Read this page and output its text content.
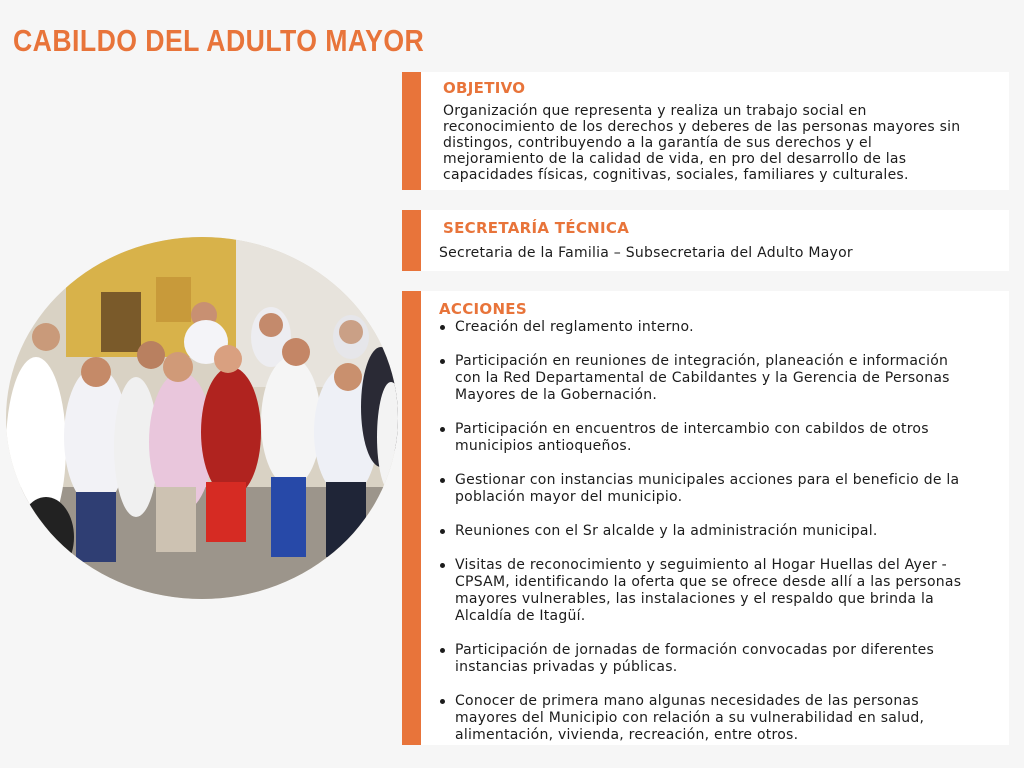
CABILDO DEL ADULTO MAYOR
OBJETIVO
Organización que representa y realiza un trabajo social en
reconocimiento de los derechos y deberes de las personas mayores sin
distingos, contribuyendo a la garantía de sus derechos y el
mejoramiento de la calidad de vida, en pro del desarrollo de las
capacidades físicas, cognitivas, sociales, familiares y culturales.
SECRETARÍA TÉCNICA
Secretaria de la Familia – Subsecretaria del Adulto Mayor
ACCIONES
Creación del reglamento interno.
Participación en reuniones de integración, planeación e información
con la Red Departamental de Cabildantes y la Gerencia de Personas
Mayores de la Gobernación.
Participación en encuentros de intercambio con cabildos de otros
municipios antioqueños.
Gestionar con instancias municipales acciones para el beneficio de la
población mayor del municipio.
Reuniones con el Sr alcalde y la administración municipal.
Visitas de reconocimiento y seguimiento al Hogar Huellas del Ayer -
CPSAM, identificando la oferta que se ofrece desde allí a las personas
mayores vulnerables, las instalaciones y el respaldo que brinda la
Alcaldía de Itagüí.
Participación de jornadas de formación convocadas por diferentes
instancias privadas y públicas.
Conocer de primera mano algunas necesidades de las personas
mayores del Municipio con relación a su vulnerabilidad en salud,
alimentación, vivienda, recreación, entre otros.
